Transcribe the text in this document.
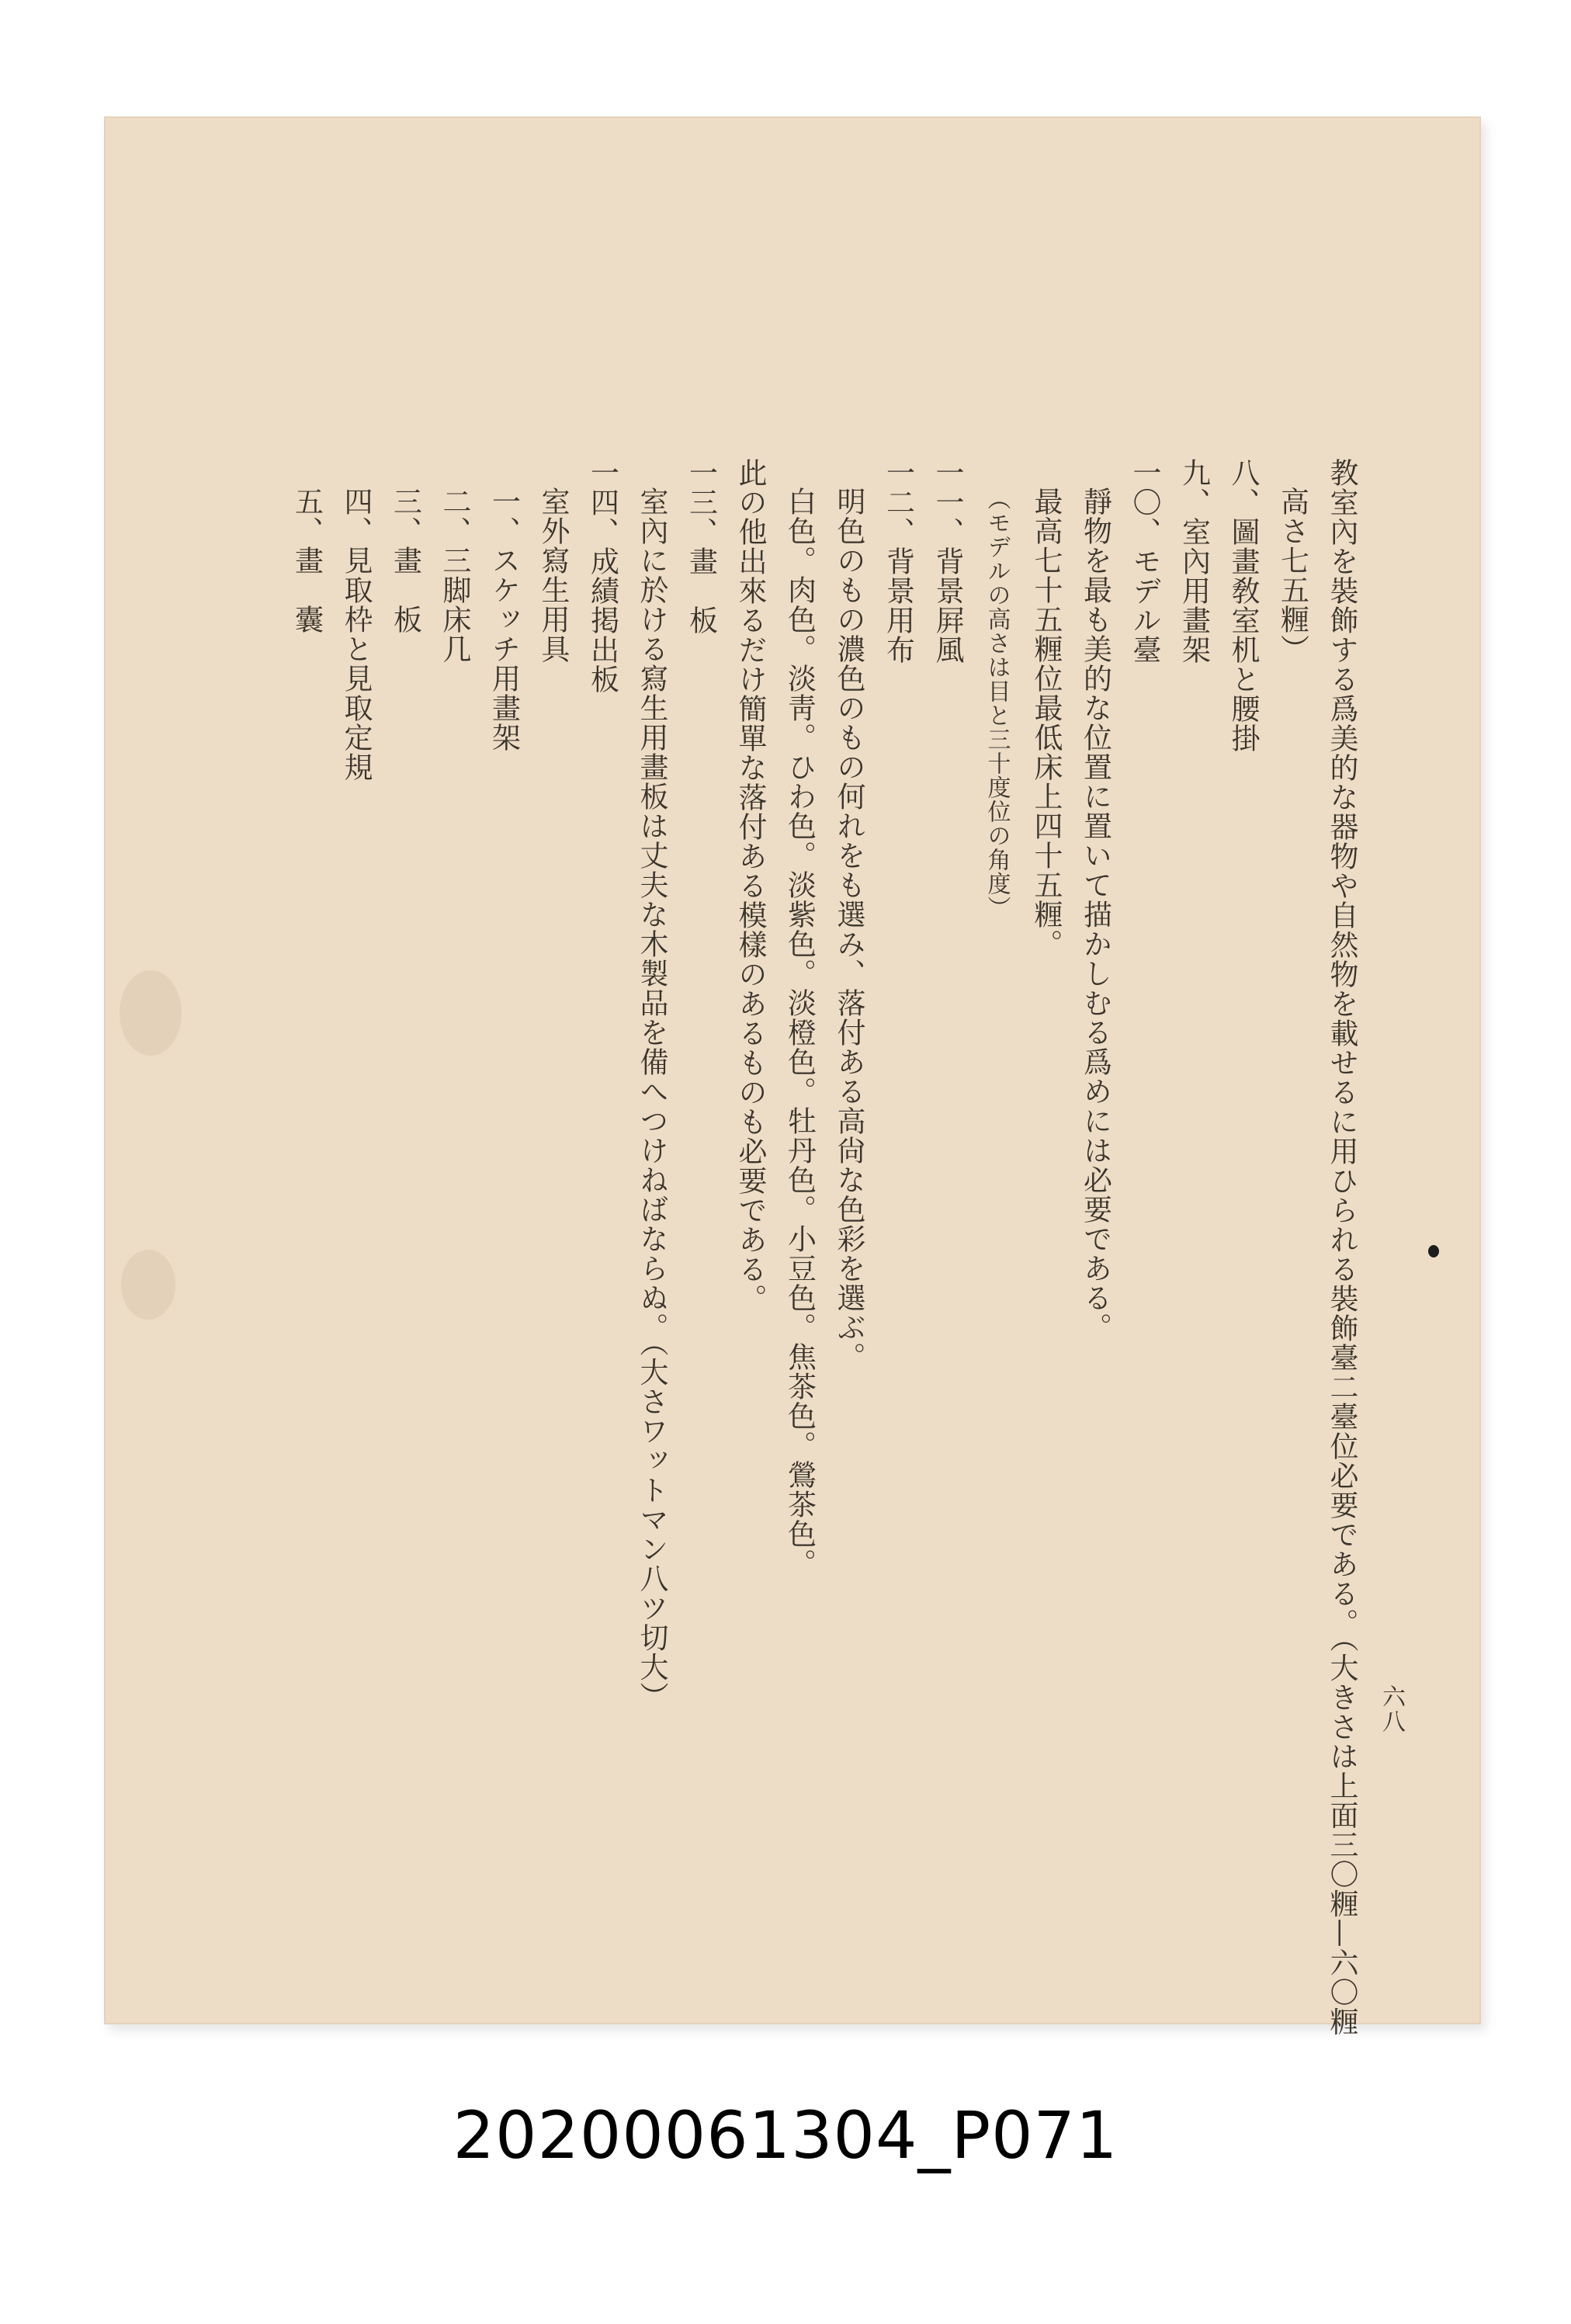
六八

教室內を裝飾する爲美的な器物や自然物を載せるに用ひられる裝飾臺二臺位必要である。（大きさは上面三〇糎—六〇糎

高さ七五糎）

八、圖畫敎室机と腰掛

九、室內用畫架

一〇、モデル臺

靜物を最も美的な位置に置いて描かしむる爲めには必要である。

最高七十五糎位最低床上四十五糎。

（モデルの高さは目と三十度位の角度）

一一、背景屛風

一二、背景用布

明色のもの濃色のもの何れをも選み、落付ある高尙な色彩を選ぶ。

白色。肉色。淡靑。ひわ色。淡紫色。淡橙色。牡丹色。小豆色。焦茶色。鶯茶色。

此の他出來るだけ簡單な落付ある模樣のあるものも必要である。

一三、畫　板

室內に於ける寫生用畫板は丈夫な木製品を備へつけねばならぬ。（大さワットマン八ツ切大）

一四、成績掲出板

室外寫生用具

一、スケッチ用畫架

二、三脚床几

三、畫　板

四、見取枠と見取定規

五、畫　囊

20200061304_P071
